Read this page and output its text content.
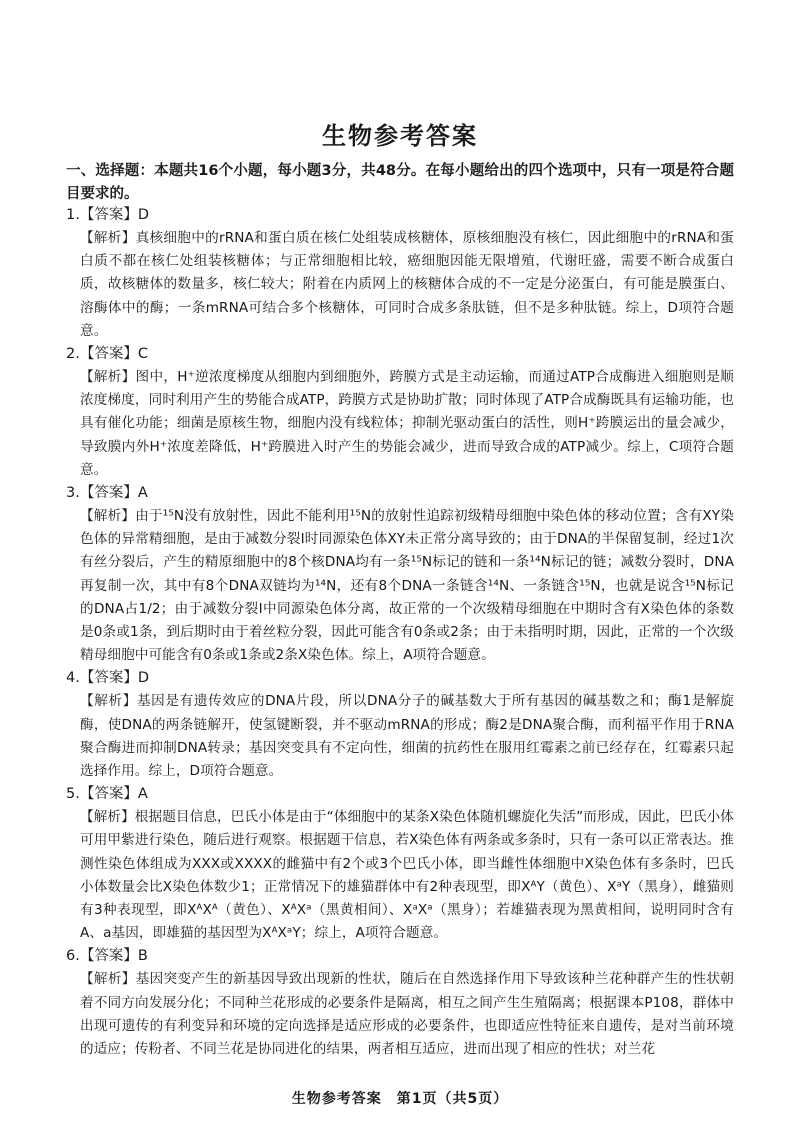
生物参考答案
一、选择题：本题共16个小题，每小题3分，共48分。在每小题给出的四个选项中，只有一项是符合题目要求的。
1.【答案】D
【解析】真核细胞中的rRNA和蛋白质在核仁处组装成核糖体，原核细胞没有核仁，因此细胞中的rRNA和蛋白质不都在核仁处组装核糖体；与正常细胞相比较，癌细胞因能无限增殖，代谢旺盛，需要不断合成蛋白质，故核糖体的数量多，核仁较大；附着在内质网上的核糖体合成的不一定是分泌蛋白，有可能是膜蛋白、溶酶体中的酶；一条mRNA可结合多个核糖体，可同时合成多条肽链，但不是多种肽链。综上，D项符合题意。
2.【答案】C
【解析】图中，H⁺逆浓度梯度从细胞内到细胞外，跨膜方式是主动运输，而通过ATP合成酶进入细胞则是顺浓度梯度，同时利用产生的势能合成ATP，跨膜方式是协助扩散；同时体现了ATP合成酶既具有运输功能，也具有催化功能；细菌是原核生物，细胞内没有线粒体；抑制光驱动蛋白的活性，则H⁺跨膜运出的量会减少，导致膜内外H⁺浓度差降低，H⁺跨膜进入时产生的势能会减少，进而导致合成的ATP减少。综上，C项符合题意。
3.【答案】A
【解析】由于¹⁵N没有放射性，因此不能利用¹⁵N的放射性追踪初级精母细胞中染色体的移动位置；含有XY染色体的异常精细胞，是由于减数分裂Ⅰ时同源染色体XY未正常分离导致的；由于DNA的半保留复制，经过1次有丝分裂后，产生的精原细胞中的8个核DNA均有一条¹⁵N标记的链和一条¹⁴N标记的链；减数分裂时，DNA再复制一次，其中有8个DNA双链均为¹⁴N，还有8个DNA一条链含¹⁴N、一条链含¹⁵N，也就是说含¹⁵N标记的DNA占1/2；由于减数分裂Ⅰ中同源染色体分离，故正常的一个次级精母细胞在中期时含有X染色体的条数是0条或1条，到后期时由于着丝粒分裂，因此可能含有0条或2条；由于未指明时期，因此，正常的一个次级精母细胞中可能含有0条或1条或2条X染色体。综上，A项符合题意。
4.【答案】D
【解析】基因是有遗传效应的DNA片段，所以DNA分子的碱基数大于所有基因的碱基数之和；酶1是解旋酶，使DNA的两条链解开，使氢键断裂，并不驱动mRNA的形成；酶2是DNA聚合酶，而利福平作用于RNA聚合酶进而抑制DNA转录；基因突变具有不定向性，细菌的抗药性在服用红霉素之前已经存在，红霉素只起选择作用。综上，D项符合题意。
5.【答案】A
【解析】根据题目信息，巴氏小体是由于“体细胞中的某条X染色体随机螺旋化失活”而形成，因此，巴氏小体可用甲紫进行染色，随后进行观察。根据题干信息，若X染色体有两条或多条时，只有一条可以正常表达。推测性染色体组成为XXX或XXXX的雌猫中有2个或3个巴氏小体，即当雌性体细胞中X染色体有多条时，巴氏小体数量会比X染色体数少1；正常情况下的雄猫群体中有2种表现型，即XᴬY（黄色）、XᵃY（黑身），雌猫则有3种表现型，即XᴬXᴬ（黄色）、XᴬXᵃ（黑黄相间）、XᵃXᵃ（黑身）；若雄猫表现为黑黄相间，说明同时含有A、a基因，即雄猫的基因型为XᴬXᵃY；综上，A项符合题意。
6.【答案】B
【解析】基因突变产生的新基因导致出现新的性状，随后在自然选择作用下导致该种兰花种群产生的性状朝着不同方向发展分化；不同种兰花形成的必要条件是隔离，相互之间产生生殖隔离；根据课本P108，群体中出现可遗传的有利变异和环境的定向选择是适应形成的必要条件，也即适应性特征来自遗传，是对当前环境的适应；传粉者、不同兰花是协同进化的结果，两者相互适应，进而出现了相应的性状；对兰花
生物参考答案　第1页（共5页）
